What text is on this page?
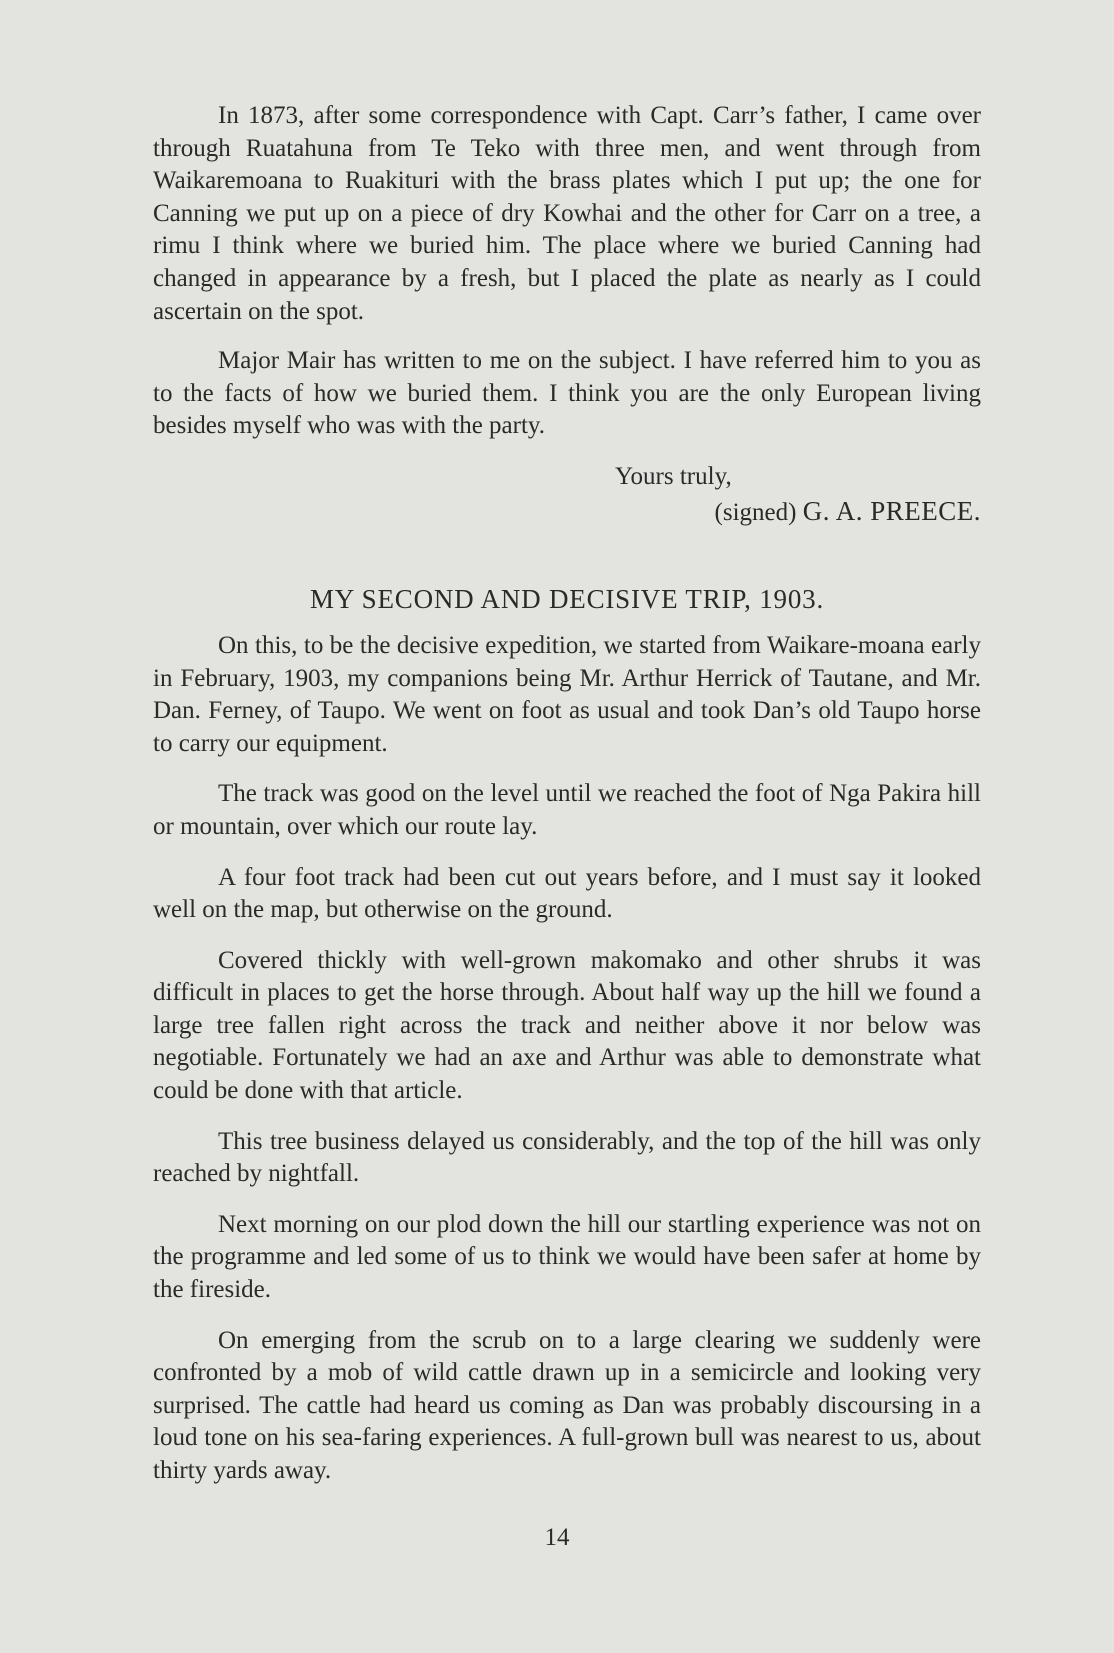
In 1873, after some correspondence with Capt. Carr’s father, I came over through Ruatahuna from Te Teko with three men, and went through from Waikaremoana to Ruakituri with the brass plates which I put up; the one for Canning we put up on a piece of dry Kowhai and the other for Carr on a tree, a rimu I think where we buried him. The place where we buried Canning had changed in appearance by a fresh, but I placed the plate as nearly as I could ascertain on the spot.

Major Mair has written to me on the subject. I have referred him to you as to the facts of how we buried them. I think you are the only European living besides myself who was with the party.

Yours truly,
(signed) G. A. PREECE.
MY SECOND AND DECISIVE TRIP, 1903.

On this, to be the decisive expedition, we started from Waikare-moana early in February, 1903, my companions being Mr. Arthur Herrick of Tautane, and Mr. Dan. Ferney, of Taupo. We went on foot as usual and took Dan’s old Taupo horse to carry our equipment.

The track was good on the level until we reached the foot of Nga Pakira hill or mountain, over which our route lay.

A four foot track had been cut out years before, and I must say it looked well on the map, but otherwise on the ground.

Covered thickly with well-grown makomako and other shrubs it was difficult in places to get the horse through. About half way up the hill we found a large tree fallen right across the track and neither above it nor below was negotiable. Fortunately we had an axe and Arthur was able to demonstrate what could be done with that article.

This tree business delayed us considerably, and the top of the hill was only reached by nightfall.

Next morning on our plod down the hill our startling experience was not on the programme and led some of us to think we would have been safer at home by the fireside.

On emerging from the scrub on to a large clearing we suddenly were confronted by a mob of wild cattle drawn up in a semicircle and looking very surprised. The cattle had heard us coming as Dan was probably discoursing in a loud tone on his sea-faring experiences. A full-grown bull was nearest to us, about thirty yards away.

14
